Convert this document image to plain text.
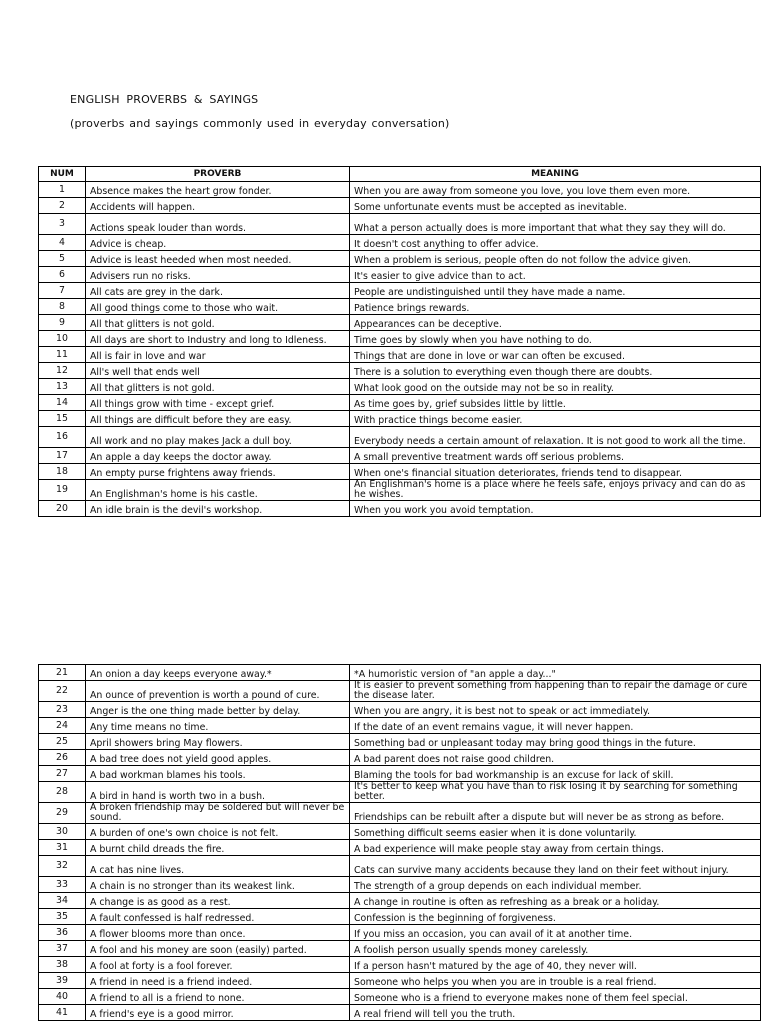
ENGLISH PROVERBS & SAYINGS
(proverbs and sayings commonly used in everyday conversation)
NUM	PROVERB	MEANING
1	Absence makes the heart grow fonder.	When you are away from someone you love, you love them even more.
2	Accidents will happen.	Some unfortunate events must be accepted as inevitable.
3	Actions speak louder than words.	What a person actually does is more important that what they say they will do.
4	Advice is cheap.	It doesn't cost anything to offer advice.
5	Advice is least heeded when most needed.	When a problem is serious, people often do not follow the advice given.
6	Advisers run no risks.	It's easier to give advice than to act.
7	All cats are grey in the dark.	People are undistinguished until they have made a name.
8	All good things come to those who wait.	Patience brings rewards.
9	All that glitters is not gold.	Appearances can be deceptive.
10	All days are short to Industry and long to Idleness.	Time goes by slowly when you have nothing to do.
11	All is fair in love and war	Things that are done in love or war can often be excused.
12	All's well that ends well	There is a solution to everything even though there are doubts.
13	All that glitters is not gold.	What look good on the outside may not be so in reality.
14	All things grow with time - except grief.	As time goes by, grief subsides little by little.
15	All things are difficult before they are easy.	With practice things become easier.
16	All work and no play makes Jack a dull boy.	Everybody needs a certain amount of relaxation. It is not good to work all the time.
17	An apple a day keeps the doctor away.	A small preventive treatment wards off serious problems.
18	An empty purse frightens away friends.	When one's financial situation deteriorates, friends tend to disappear.
19	An Englishman's home is his castle.	An Englishman's home is a place where he feels safe, enjoys privacy and can do as he wishes.
20	An idle brain is the devil's workshop.	When you work you avoid temptation.
21	An onion a day keeps everyone away.*	*A humoristic version of "an apple a day..."
22	An ounce of prevention is worth a pound of cure.	It is easier to prevent something from happening than to repair the damage or cure the disease later.
23	Anger is the one thing made better by delay.	When you are angry, it is best not to speak or act immediately.
24	Any time means no time.	If the date of an event remains vague, it will never happen.
25	April showers bring May flowers.	Something bad or unpleasant today may bring good things in the future.
26	A bad tree does not yield good apples.	A bad parent does not raise good children.
27	A bad workman blames his tools.	Blaming the tools for bad workmanship is an excuse for lack of skill.
28	A bird in hand is worth two in a bush.	It's better to keep what you have than to risk losing it by searching for something better.
29	A broken friendship may be soldered but will never be sound.	Friendships can be rebuilt after a dispute but will never be as strong as before.
30	A burden of one's own choice is not felt.	Something difficult seems easier when it is done voluntarily.
31	A burnt child dreads the fire.	A bad experience will make people stay away from certain things.
32	A cat has nine lives.	Cats can survive many accidents because they land on their feet without injury.
33	A chain is no stronger than its weakest link.	The strength of a group depends on each individual member.
34	A change is as good as a rest.	A change in routine is often as refreshing as a break or a holiday.
35	A fault confessed is half redressed.	Confession is the beginning of forgiveness.
36	A flower blooms more than once.	If you miss an occasion, you can avail of it at another time.
37	A fool and his money are soon (easily) parted.	A foolish person usually spends money carelessly.
38	A fool at forty is a fool forever.	If a person hasn't matured by the age of 40, they never will.
39	A friend in need is a friend indeed.	Someone who helps you when you are in trouble is a real friend.
40	A friend to all is a friend to none.	Someone who is a friend to everyone makes none of them feel special.
41	A friend's eye is a good mirror.	A real friend will tell you the truth.
